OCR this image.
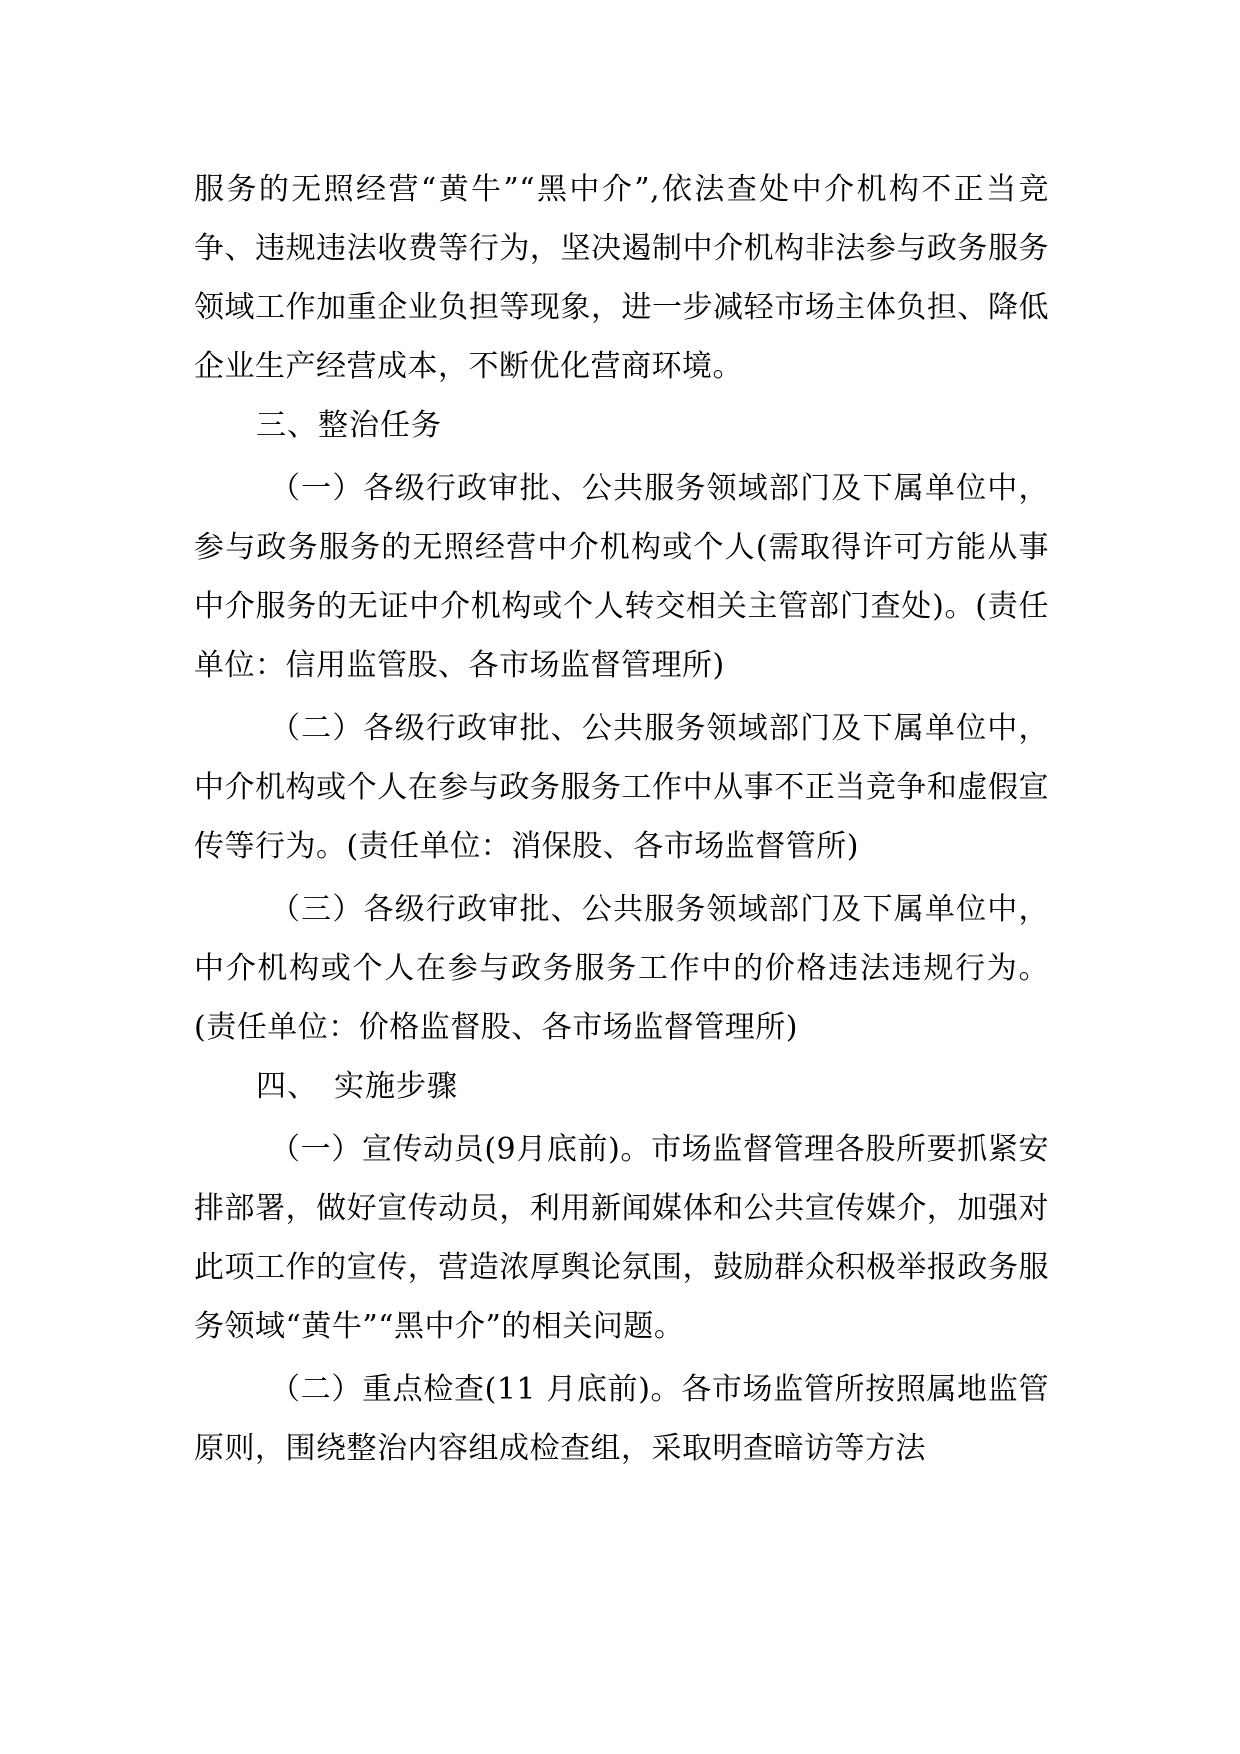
服务的无照经营“黄牛”“黑中介”,依法查处中介机构不正当竞争、违规违法收费等行为，坚决遏制中介机构非法参与政务服务领域工作加重企业负担等现象，进一步减轻市场主体负担、降低企业生产经营成本，不断优化营商环境。

三、整治任务

（一）各级行政审批、公共服务领域部门及下属单位中，参与政务服务的无照经营中介机构或个人(需取得许可方能从事中介服务的无证中介机构或个人转交相关主管部门查处)。(责任单位：信用监管股、各市场监督管理所)

（二）各级行政审批、公共服务领域部门及下属单位中，中介机构或个人在参与政务服务工作中从事不正当竞争和虚假宣传等行为。(责任单位：消保股、各市场监督管所)

（三）各级行政审批、公共服务领域部门及下属单位中，中介机构或个人在参与政务服务工作中的价格违法违规行为。(责任单位：价格监督股、各市场监督管理所)

四、　实施步骤

（一）宣传动员(9月底前)。市场监督管理各股所要抓紧安排部署，做好宣传动员，利用新闻媒体和公共宣传媒介，加强对此项工作的宣传，营造浓厚舆论氛围，鼓励群众积极举报政务服务领域“黄牛”“黑中介”的相关问题。

（二）重点检查(11 月底前)。各市场监管所按照属地监管原则，围绕整治内容组成检查组，采取明查暗访等方法
